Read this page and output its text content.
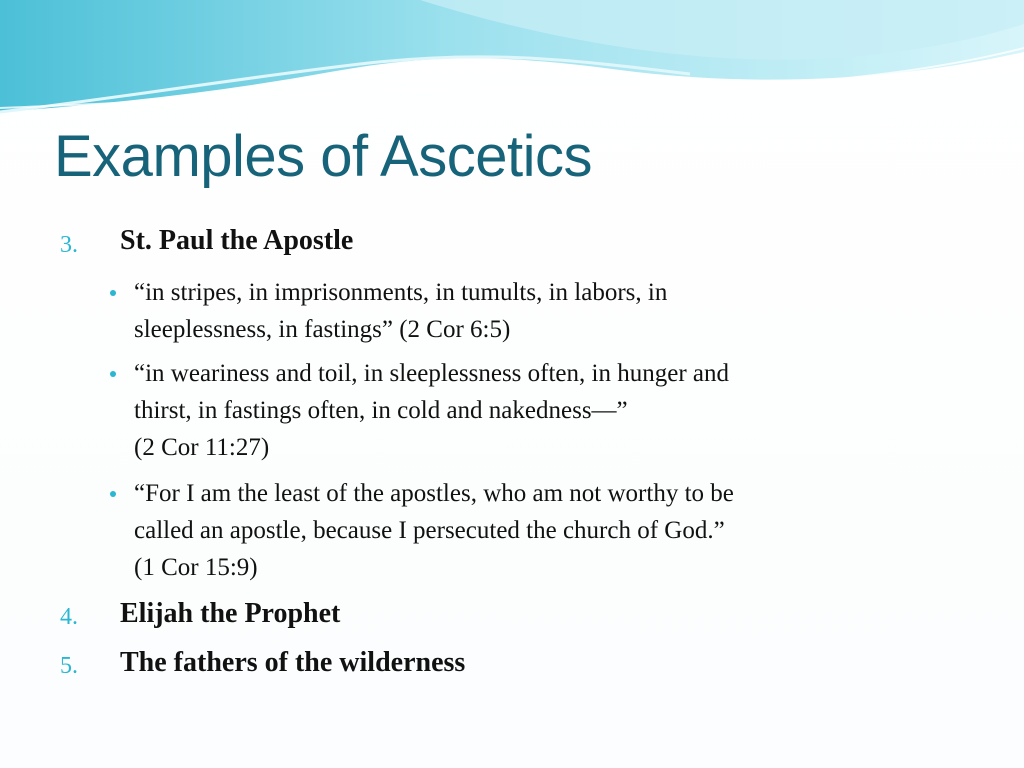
Examples of Ascetics
3. St. Paul the Apostle
“in stripes, in imprisonments, in tumults, in labors, in
sleeplessness, in fastings” (2 Cor 6:5)
“in weariness and toil, in sleeplessness often, in hunger and
thirst, in fastings often, in cold and nakedness—”
(2 Cor 11:27)
“For I am the least of the apostles, who am not worthy to be
called an apostle, because I persecuted the church of God.”
(1 Cor 15:9)
4. Elijah the Prophet
5. The fathers of the wilderness
